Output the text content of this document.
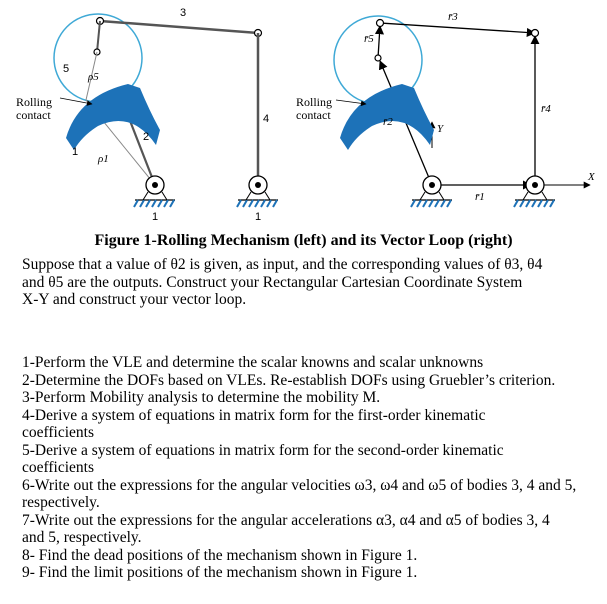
3
5
ρ5
Rolling
contact	4
2
1
ρ1
1	1
r̄3
r̄5
Rolling
contact	r̄4
r̄2
Y
X
r̄1
Figure 1-Rolling Mechanism (left) and its Vector Loop (right)
Suppose that a value of θ2 is given, as input, and the corresponding values of θ3, θ4
and θ5 are the outputs. Construct your Rectangular Cartesian Coordinate System
X-Y and construct your vector loop.
1-Perform the VLE and determine the scalar knowns and scalar unknowns
2-Determine the DOFs based on VLEs. Re-establish DOFs using Gruebler’s criterion.
3-Perform Mobility analysis to determine the mobility M.
4-Derive a system of equations in matrix form for the first-order kinematic
coefficients
5-Derive a system of equations in matrix form for the second-order kinematic
coefficients
6-Write out the expressions for the angular velocities ω3, ω4 and ω5 of bodies 3, 4 and 5,
respectively.
7-Write out the expressions for the angular accelerations α3, α4 and α5 of bodies 3, 4
and 5, respectively.
8- Find the dead positions of the mechanism shown in Figure 1.
9- Find the limit positions of the mechanism shown in Figure 1.
